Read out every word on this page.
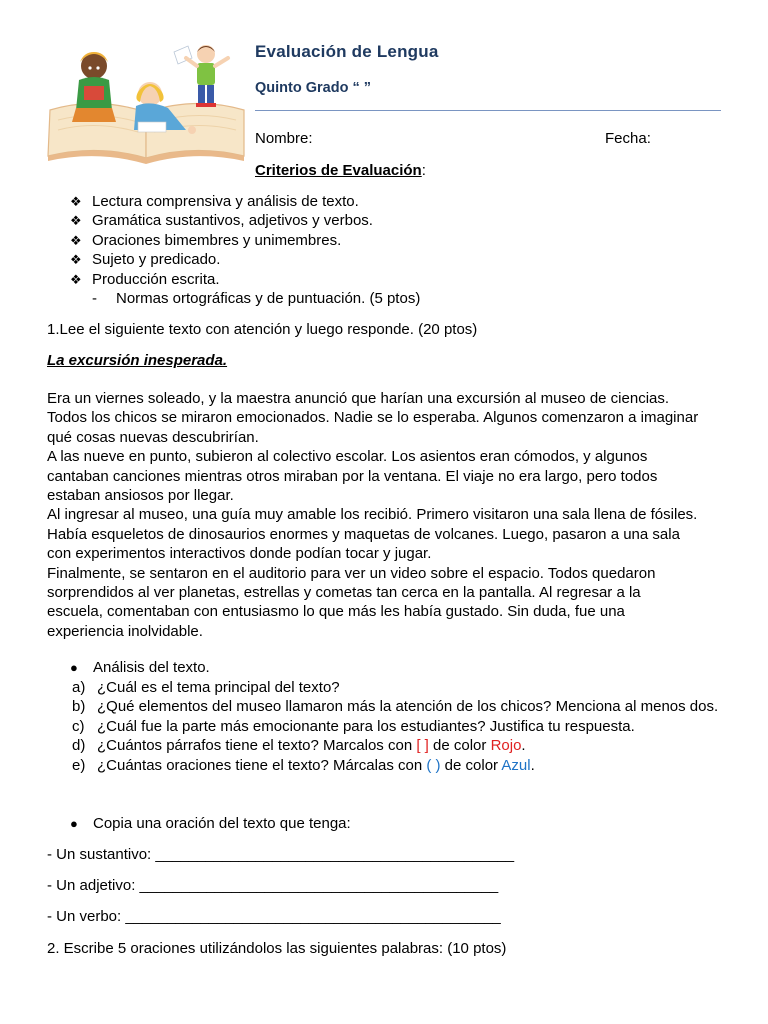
Evaluación de Lengua
Quinto Grado “ ”
Nombre:	Fecha:
Criterios de Evaluación:
❖ Lectura comprensiva y análisis de texto.
❖ Gramática sustantivos, adjetivos y verbos.
❖ Oraciones bimembres y unimembres.
❖ Sujeto y predicado.
❖ Producción escrita.
- Normas ortográficas y de puntuación. (5 ptos)
1.Lee el siguiente texto con atención y luego responde. (20 ptos)
La excursión inesperada.

Era un viernes soleado, y la maestra anunció que harían una excursión al museo de ciencias.

Todos los chicos se miraron emocionados. Nadie se lo esperaba. Algunos comenzaron a imaginar

qué cosas nuevas descubrirían.

A las nueve en punto, subieron al colectivo escolar. Los asientos eran cómodos, y algunos

cantaban canciones mientras otros miraban por la ventana. El viaje no era largo, pero todos

estaban ansiosos por llegar.

Al ingresar al museo, una guía muy amable los recibió. Primero visitaron una sala llena de fósiles.

Había esqueletos de dinosaurios enormes y maquetas de volcanes. Luego, pasaron a una sala

con experimentos interactivos donde podían tocar y jugar.

Finalmente, se sentaron en el auditorio para ver un video sobre el espacio. Todos quedaron

sorprendidos al ver planetas, estrellas y cometas tan cerca en la pantalla. Al regresar a la

escuela, comentaban con entusiasmo lo que más les había gustado. Sin duda, fue una

experiencia inolvidable.

● Análisis del texto.
a) ¿Cuál es el tema principal del texto?
b) ¿Qué elementos del museo llamaron más la atención de los chicos? Menciona al menos dos.
c) ¿Cuál fue la parte más emocionante para los estudiantes? Justifica tu respuesta.
d) ¿Cuántos párrafos tiene el texto? Marcalos con [ ] de color Rojo.
e) ¿Cuántas oraciones tiene el texto? Márcalas con ( ) de color Azul.
● Copia una oración del texto que tenga:
- Un sustantivo: ___________________________________________
- Un adjetivo: ___________________________________________
- Un verbo: _____________________________________________
2. Escribe 5 oraciones utilizándolos las siguientes palabras: (10 ptos)
